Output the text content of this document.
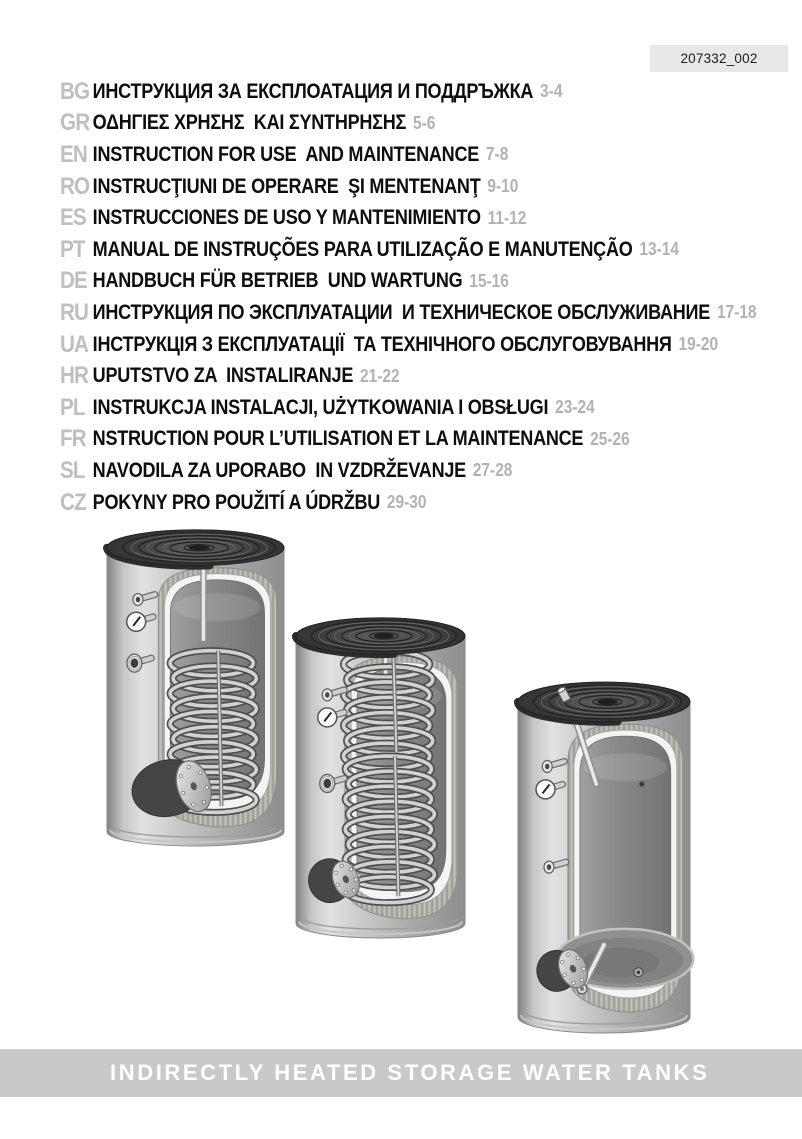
207332_002
BG ИНСТРУКЦИЯ ЗА ЕКСПЛОАТАЦИЯ И ПОДДРЪЖКА 3-4
GR ΟΔΗΓΙΕΣ ΧΡΗΣΗΣ  ΚΑΙ ΣΥΝΤΗΡΗΣΗΣ 5-6
EN INSTRUCTION FOR USE  AND MAINTENANCE 7-8
RO INSTRUCŢIUNI DE OPERARE  ŞI MENTENANŢ 9-10
ES INSTRUCCIONES DE USO Y MANTENIMIENTO 11-12
PT MANUAL DE INSTRUÇÕES PARA UTILIZAÇÃO E MANUTENÇÃO 13-14
DE HANDBUCH FÜR BETRIEB  UND WARTUNG 15-16
RU ИНСТРУКЦИЯ ПО ЭКСПЛУАТАЦИИ  И ТЕХНИЧЕСКОЕ ОБСЛУЖИВАНИЕ 17-18
UA ІНСТРУКЦІЯ З ЕКСПЛУАТАЦІЇ  ТА ТЕХНІЧНОГО ОБСЛУГОВУВАННЯ 19-20
HR UPUTSTVO ZA  INSTALIRANJE 21-22
PL INSTRUKCJA INSTALACJI, UŻYTKOWANIA I OBSŁUGI 23-24
FR NSTRUCTION POUR L’UTILISATION ET LA MAINTENANCE 25-26
SL NAVODILA ZA UPORABO  IN VZDRŽEVANJE 27-28
CZ POKYNY PRO POUŽITÍ A ÚDRŽBU 29-30
INDIRECTLY HEATED STORAGE WATER TANKS
